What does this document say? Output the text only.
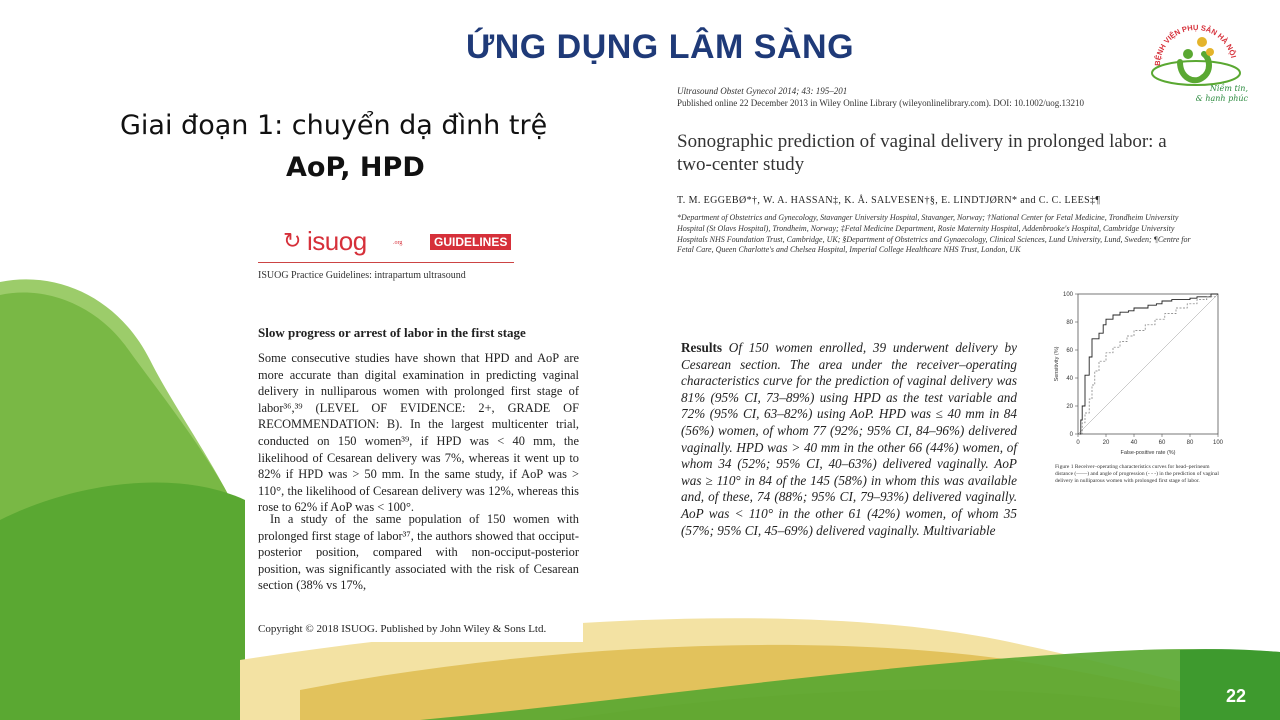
ỨNG DỤNG LÂM SÀNG
Giai đoạn 1: chuyển dạ đình trệ
AoP, HPD
BỆNH VIỆN PHỤ SẢN HÀ NỘI
Niềm tin,
& hạnh phúc
↻ isuog	.org	GUIDELINES
ISUOG Practice Guidelines: intrapartum ultrasound
Slow progress or arrest of labor in the first stage
Some consecutive studies have shown that HPD and AoP are more accurate than digital examination in predicting vaginal delivery in nulliparous women with prolonged first stage of labor³⁶,³⁹ (LEVEL OF EVIDENCE: 2+, GRADE OF RECOMMENDATION: B). In the largest multicenter trial, conducted on 150 women³⁹, if HPD was < 40 mm, the likelihood of Cesarean delivery was 7%, whereas it went up to 82% if HPD was > 50 mm. In the same study, if AoP was > 110°, the likelihood of Cesarean delivery was 12%, whereas this rose to 62% if AoP was < 100°.
In a study of the same population of 150 women with prolonged first stage of labor³⁷, the authors showed that occiput-posterior position, compared with non-occiput-posterior position, was significantly associated with the risk of Cesarean section (38% vs 17%,
Copyright © 2018 ISUOG. Published by John Wiley & Sons Ltd.
Ultrasound Obstet Gynecol 2014; 43: 195–201
Published online 22 December 2013 in Wiley Online Library (wileyonlinelibrary.com). DOI: 10.1002/uog.13210
Sonographic prediction of vaginal delivery in prolonged labor: a two-center study
T. M. EGGEBØ*†, W. A. HASSAN‡, K. Å. SALVESEN†§, E. LINDTJØRN* and C. C. LEES‡¶
*Department of Obstetrics and Gynecology, Stavanger University Hospital, Stavanger, Norway; †National Center for Fetal Medicine, Trondheim University Hospital (St Olavs Hospital), Trondheim, Norway; ‡Fetal Medicine Department, Rosie Maternity Hospital, Addenbrooke's Hospital, Cambridge University Hospitals NHS Foundation Trust, Cambridge, UK; §Department of Obstetrics and Gynaecology, Clinical Sciences, Lund University, Lund, Sweden; ¶Centre for Fetal Care, Queen Charlotte's and Chelsea Hospital, Imperial College Healthcare NHS Trust, London, UK
Results Of 150 women enrolled, 39 underwent delivery by Cesarean section. The area under the receiver–operating characteristics curve for the prediction of vaginal delivery was 81% (95% CI, 73–89%) using HPD as the test variable and 72% (95% CI, 63–82%) using AoP. HPD was ≤ 40 mm in 84 (56%) women, of whom 77 (92%; 95% CI, 84–96%) delivered vaginally. HPD was > 40 mm in the other 66 (44%) women, of whom 34 (52%; 95% CI, 40–63%) delivered vaginally. AoP was ≥ 110° in 84 of the 145 (58%) in whom this was available and, of these, 74 (88%; 95% CI, 79–93%) delivered vaginally. AoP was < 110° in the other 61 (42%) women, of whom 35 (57%; 95% CI, 45–69%) delivered vaginally. Multivariable
0	20	40	60	80	100
0
20
40
60
80
100
False-positive rate (%)
Sensitivity (%)
Figure 1 Receiver–operating characteristics curves for head–perineum distance (——) and angle of progression (- - -) in the prediction of vaginal delivery in nulliparous women with prolonged first stage of labor.
22
